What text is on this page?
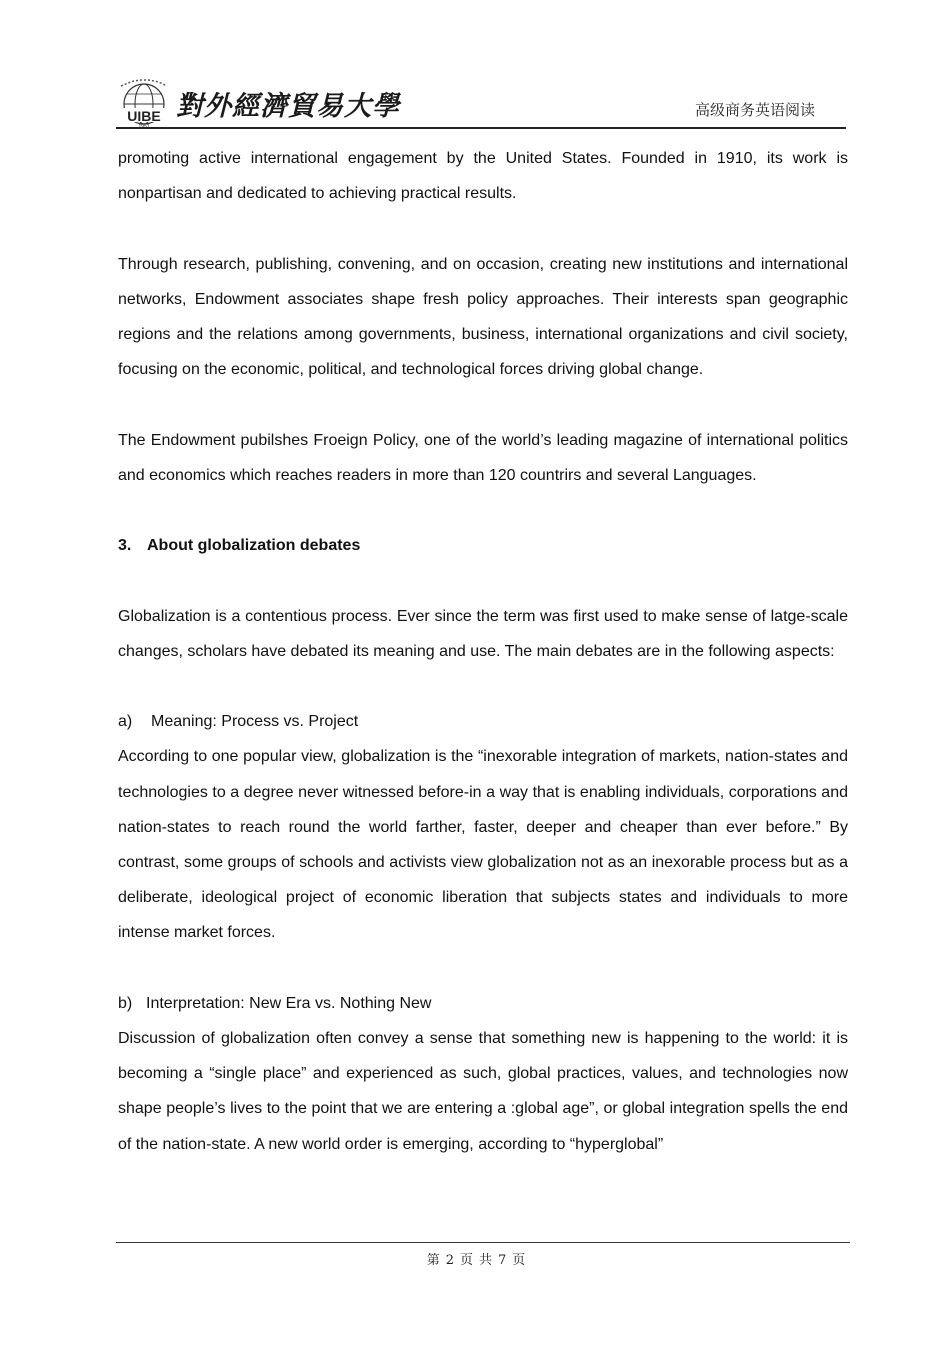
UIBE
1951
對外經濟貿易大學	高级商务英语阅读

promoting active international engagement by the United States. Founded in 1910, its work is nonpartisan and dedicated to achieving practical results.

Through research, publishing, convening, and on occasion, creating new institutions and international networks, Endowment associates shape fresh policy approaches. Their interests span geographic regions and the relations among governments, business, international organizations and civil society, focusing on the economic, political, and technological forces driving global change.

The Endowment pubilshes Froeign Policy, one of the world’s leading magazine of international politics and economics which reaches readers in more than 120 countrirs and several Languages.

3. About globalization debates

Globalization is a contentious process. Ever since the term was first used to make sense of latge-scale changes, scholars have debated its meaning and use. The main debates are in the following aspects:

a) Meaning: Process vs. Project

According to one popular view, globalization is the “inexorable integration of markets, nation-states and technologies to a degree never witnessed before-in a way that is enabling individuals, corporations and nation-states to reach round the world farther, faster, deeper and cheaper than ever before.” By contrast, some groups of schools and activists view globalization not as an inexorable process but as a deliberate, ideological project of economic liberation that subjects states and individuals to more intense market forces.

b) Interpretation: New Era vs. Nothing New

Discussion of globalization often convey a sense that something new is happening to the world: it is becoming a “single place” and experienced as such, global practices, values, and technologies now shape people’s lives to the point that we are entering a :global age”, or global integration spells the end of the nation-state. A new world order is emerging, according to “hyperglobal”

第 2 页 共 7 页
